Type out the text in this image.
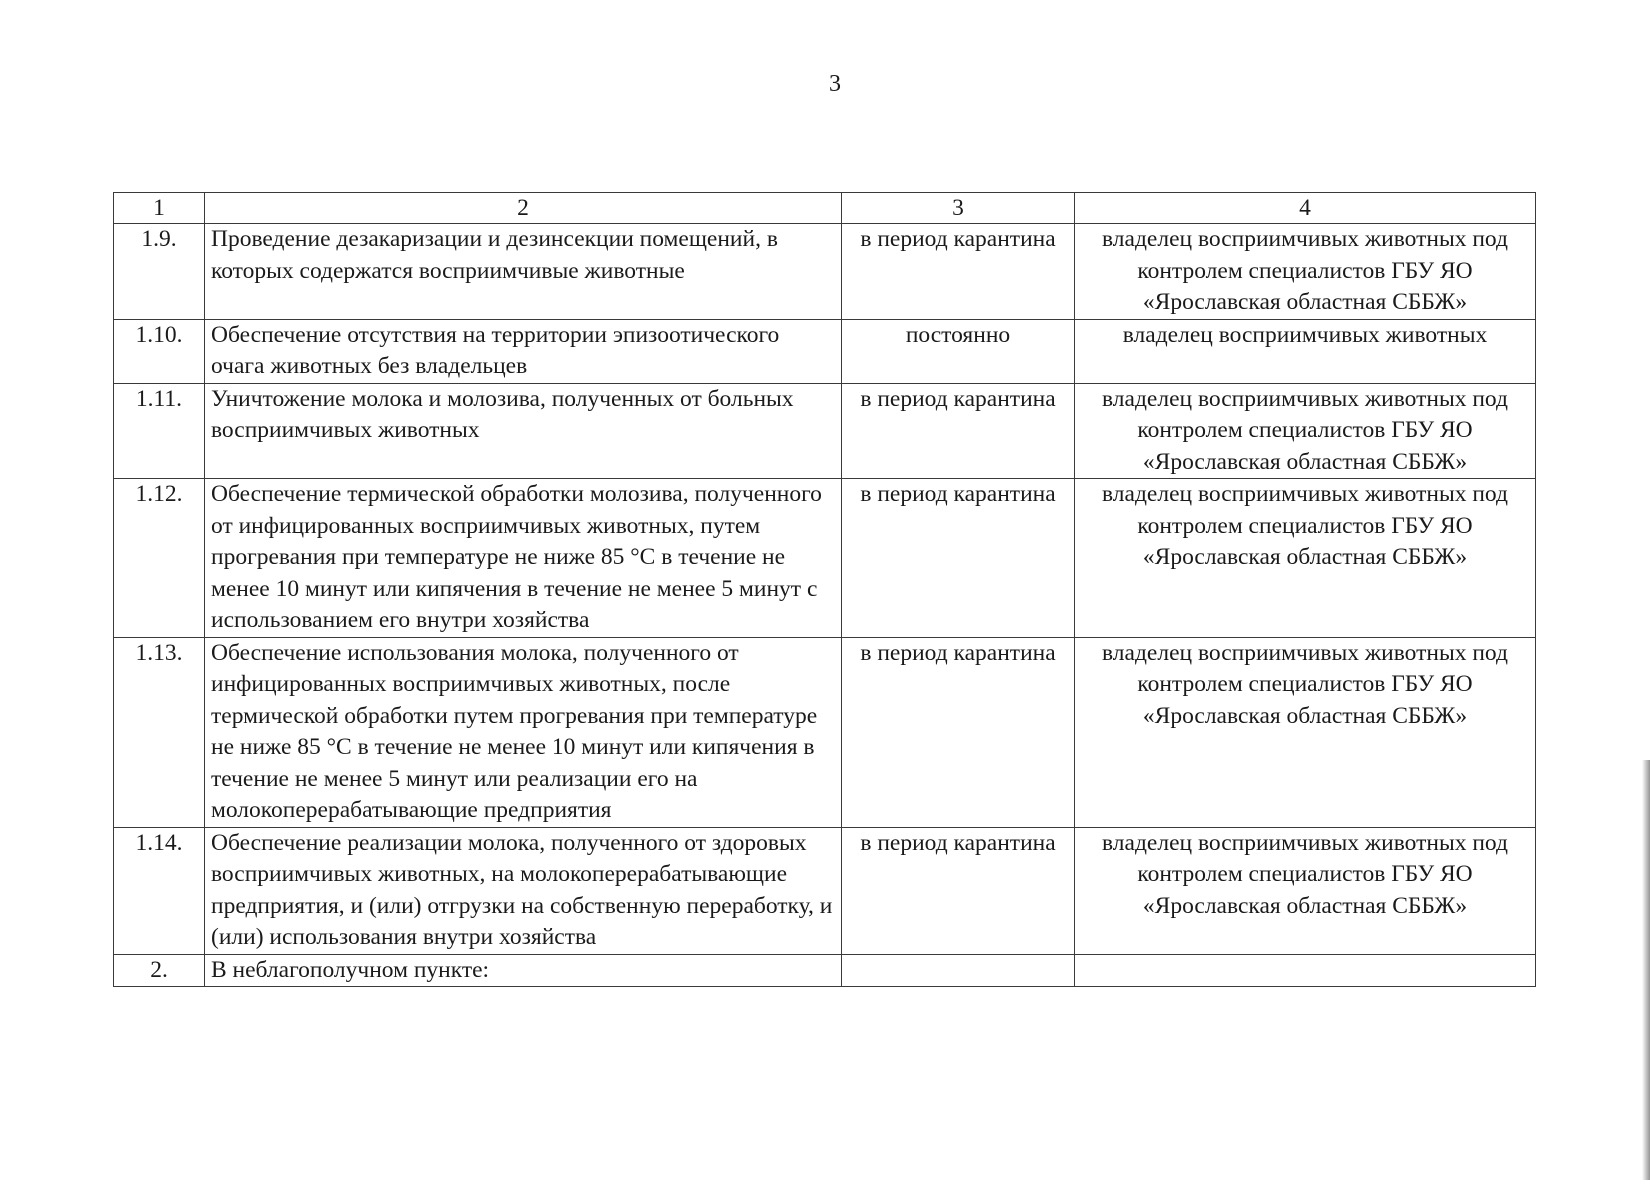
3
1	2	3	4
1.9.	Проведение дезакаризации и дезинсекции помещений, в которых содержатся восприимчивые животные	в период карантина	владелец восприимчивых животных под контролем специалистов ГБУ ЯО «Ярославская областная СББЖ»
1.10.	Обеспечение отсутствия на территории эпизоотического очага животных без владельцев	постоянно	владелец восприимчивых животных
1.11.	Уничтожение молока и молозива, полученных от больных восприимчивых животных	в период карантина	владелец восприимчивых животных под контролем специалистов ГБУ ЯО «Ярославская областная СББЖ»
1.12.	Обеспечение термической обработки молозива, полученного от инфицированных восприимчивых животных, путем прогревания при температуре не ниже 85 °С в течение не менее 10 минут или кипячения в течение не менее 5 минут с использованием его внутри хозяйства	в период карантина	владелец восприимчивых животных под контролем специалистов ГБУ ЯО «Ярославская областная СББЖ»
1.13.	Обеспечение использования молока, полученного от инфицированных восприимчивых животных, после термической обработки путем прогревания при температуре не ниже 85 °С в течение не менее 10 минут или кипячения в течение не менее 5 минут или реализации его на молокоперерабатывающие предприятия	в период карантина	владелец восприимчивых животных под контролем специалистов ГБУ ЯО «Ярославская областная СББЖ»
1.14.	Обеспечение реализации молока, полученного от здоровых восприимчивых животных, на молокоперерабатывающие предприятия, и (или) отгрузки на собственную переработку, и (или) использования внутри хозяйства	в период карантина	владелец восприимчивых животных под контролем специалистов ГБУ ЯО «Ярославская областная СББЖ»
2.	В неблагополучном пункте:		
